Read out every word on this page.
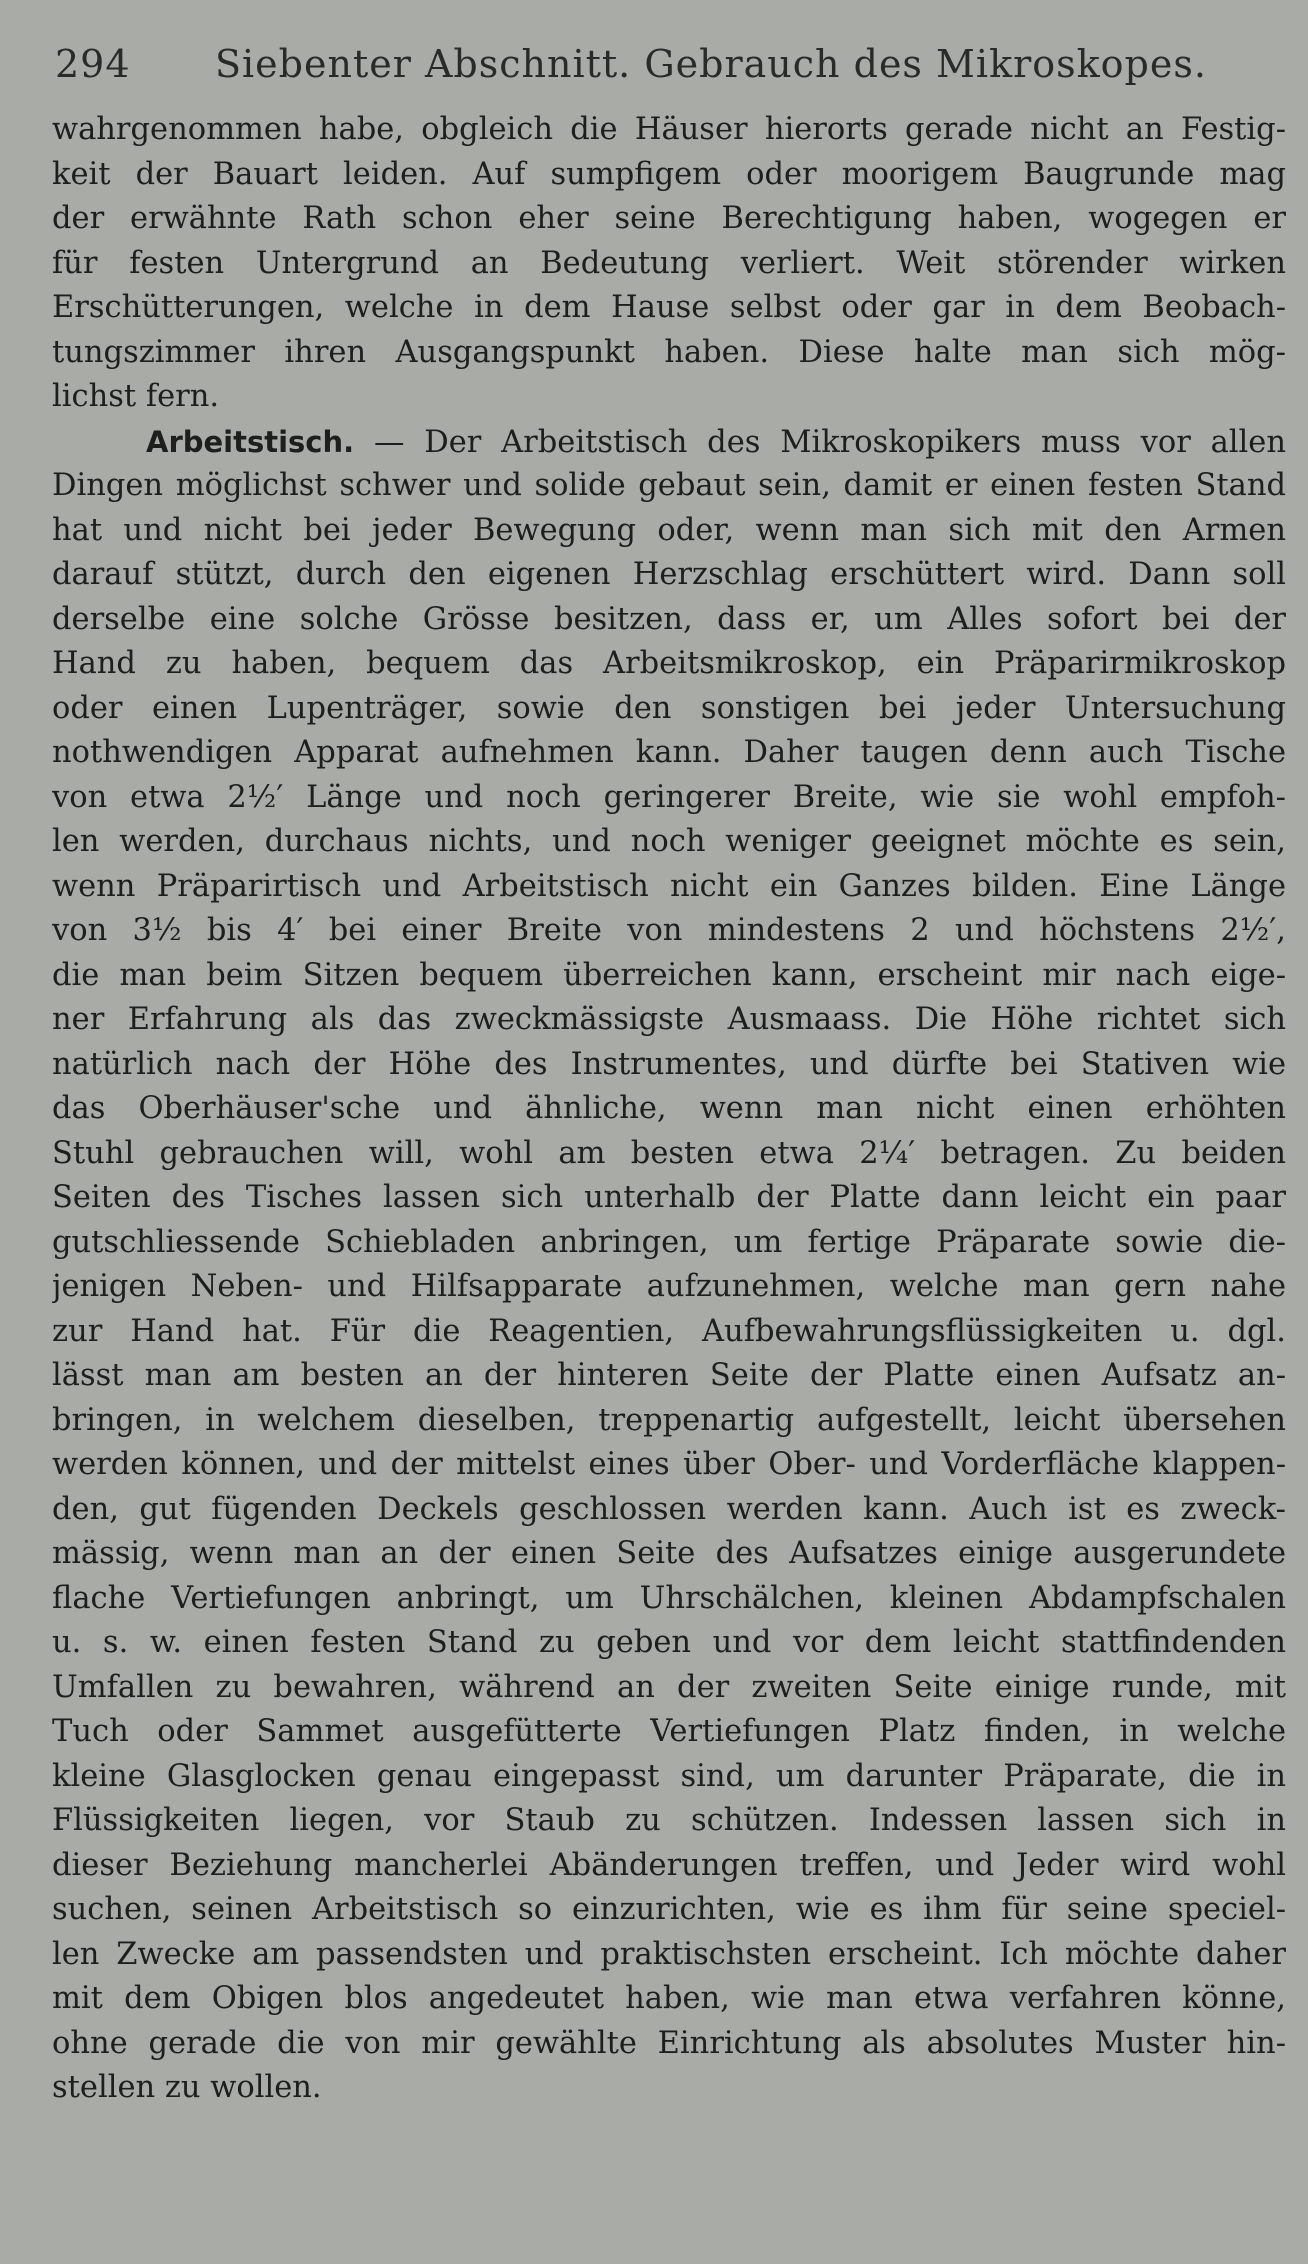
294 Siebenter Abschnitt. Gebrauch des Mikroskopes.
wahrgenommen habe, obgleich die Häuser hierorts gerade nicht an Festig-
keit der Bauart leiden. Auf sumpfigem oder moorigem Baugrunde mag
der erwähnte Rath schon eher seine Berechtigung haben, wogegen er
für festen Untergrund an Bedeutung verliert. Weit störender wirken
Erschütterungen, welche in dem Hause selbst oder gar in dem Beobach-
tungszimmer ihren Ausgangspunkt haben. Diese halte man sich mög-
lichst fern.
Arbeitstisch. — Der Arbeitstisch des Mikroskopikers muss vor allen
Dingen möglichst schwer und solide gebaut sein, damit er einen festen Stand
hat und nicht bei jeder Bewegung oder, wenn man sich mit den Armen
darauf stützt, durch den eigenen Herzschlag erschüttert wird. Dann soll
derselbe eine solche Grösse besitzen, dass er, um Alles sofort bei der
Hand zu haben, bequem das Arbeitsmikroskop, ein Präparirmikroskop
oder einen Lupenträger, sowie den sonstigen bei jeder Untersuchung
nothwendigen Apparat aufnehmen kann. Daher taugen denn auch Tische
von etwa 2½′ Länge und noch geringerer Breite, wie sie wohl empfoh-
len werden, durchaus nichts, und noch weniger geeignet möchte es sein,
wenn Präparirtisch und Arbeitstisch nicht ein Ganzes bilden. Eine Länge
von 3½ bis 4′ bei einer Breite von mindestens 2 und höchstens 2½′,
die man beim Sitzen bequem überreichen kann, erscheint mir nach eige-
ner Erfahrung als das zweckmässigste Ausmaass. Die Höhe richtet sich
natürlich nach der Höhe des Instrumentes, und dürfte bei Stativen wie
das Oberhäuser'sche und ähnliche, wenn man nicht einen erhöhten
Stuhl gebrauchen will, wohl am besten etwa 2¼′ betragen. Zu beiden
Seiten des Tisches lassen sich unterhalb der Platte dann leicht ein paar
gutschliessende Schiebladen anbringen, um fertige Präparate sowie die-
jenigen Neben- und Hilfsapparate aufzunehmen, welche man gern nahe
zur Hand hat. Für die Reagentien, Aufbewahrungsflüssigkeiten u. dgl.
lässt man am besten an der hinteren Seite der Platte einen Aufsatz an-
bringen, in welchem dieselben, treppenartig aufgestellt, leicht übersehen
werden können, und der mittelst eines über Ober- und Vorderfläche klappen-
den, gut fügenden Deckels geschlossen werden kann. Auch ist es zweck-
mässig, wenn man an der einen Seite des Aufsatzes einige ausgerundete
flache Vertiefungen anbringt, um Uhrschälchen, kleinen Abdampfschalen
u. s. w. einen festen Stand zu geben und vor dem leicht stattfindenden
Umfallen zu bewahren, während an der zweiten Seite einige runde, mit
Tuch oder Sammet ausgefütterte Vertiefungen Platz finden, in welche
kleine Glasglocken genau eingepasst sind, um darunter Präparate, die in
Flüssigkeiten liegen, vor Staub zu schützen. Indessen lassen sich in
dieser Beziehung mancherlei Abänderungen treffen, und Jeder wird wohl
suchen, seinen Arbeitstisch so einzurichten, wie es ihm für seine speciel-
len Zwecke am passendsten und praktischsten erscheint. Ich möchte daher
mit dem Obigen blos angedeutet haben, wie man etwa verfahren könne,
ohne gerade die von mir gewählte Einrichtung als absolutes Muster hin-
stellen zu wollen.
